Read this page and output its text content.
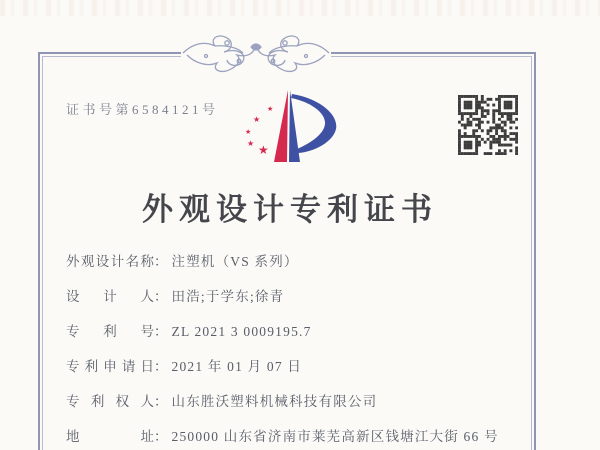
证书号第6584121号	★
★
★
★ ★
外观设计专利证书
外观设计名称： 注塑机（VS 系列）
设计人： 田浩;于学东;徐青
专利号： ZL 2021 3 0009195.7
专利申请日： 2021 年 01 月 07 日
专利权人： 山东胜沃塑料机械科技有限公司
地址： 250000 山东省济南市莱芜高新区钱塘江大街 66 号
